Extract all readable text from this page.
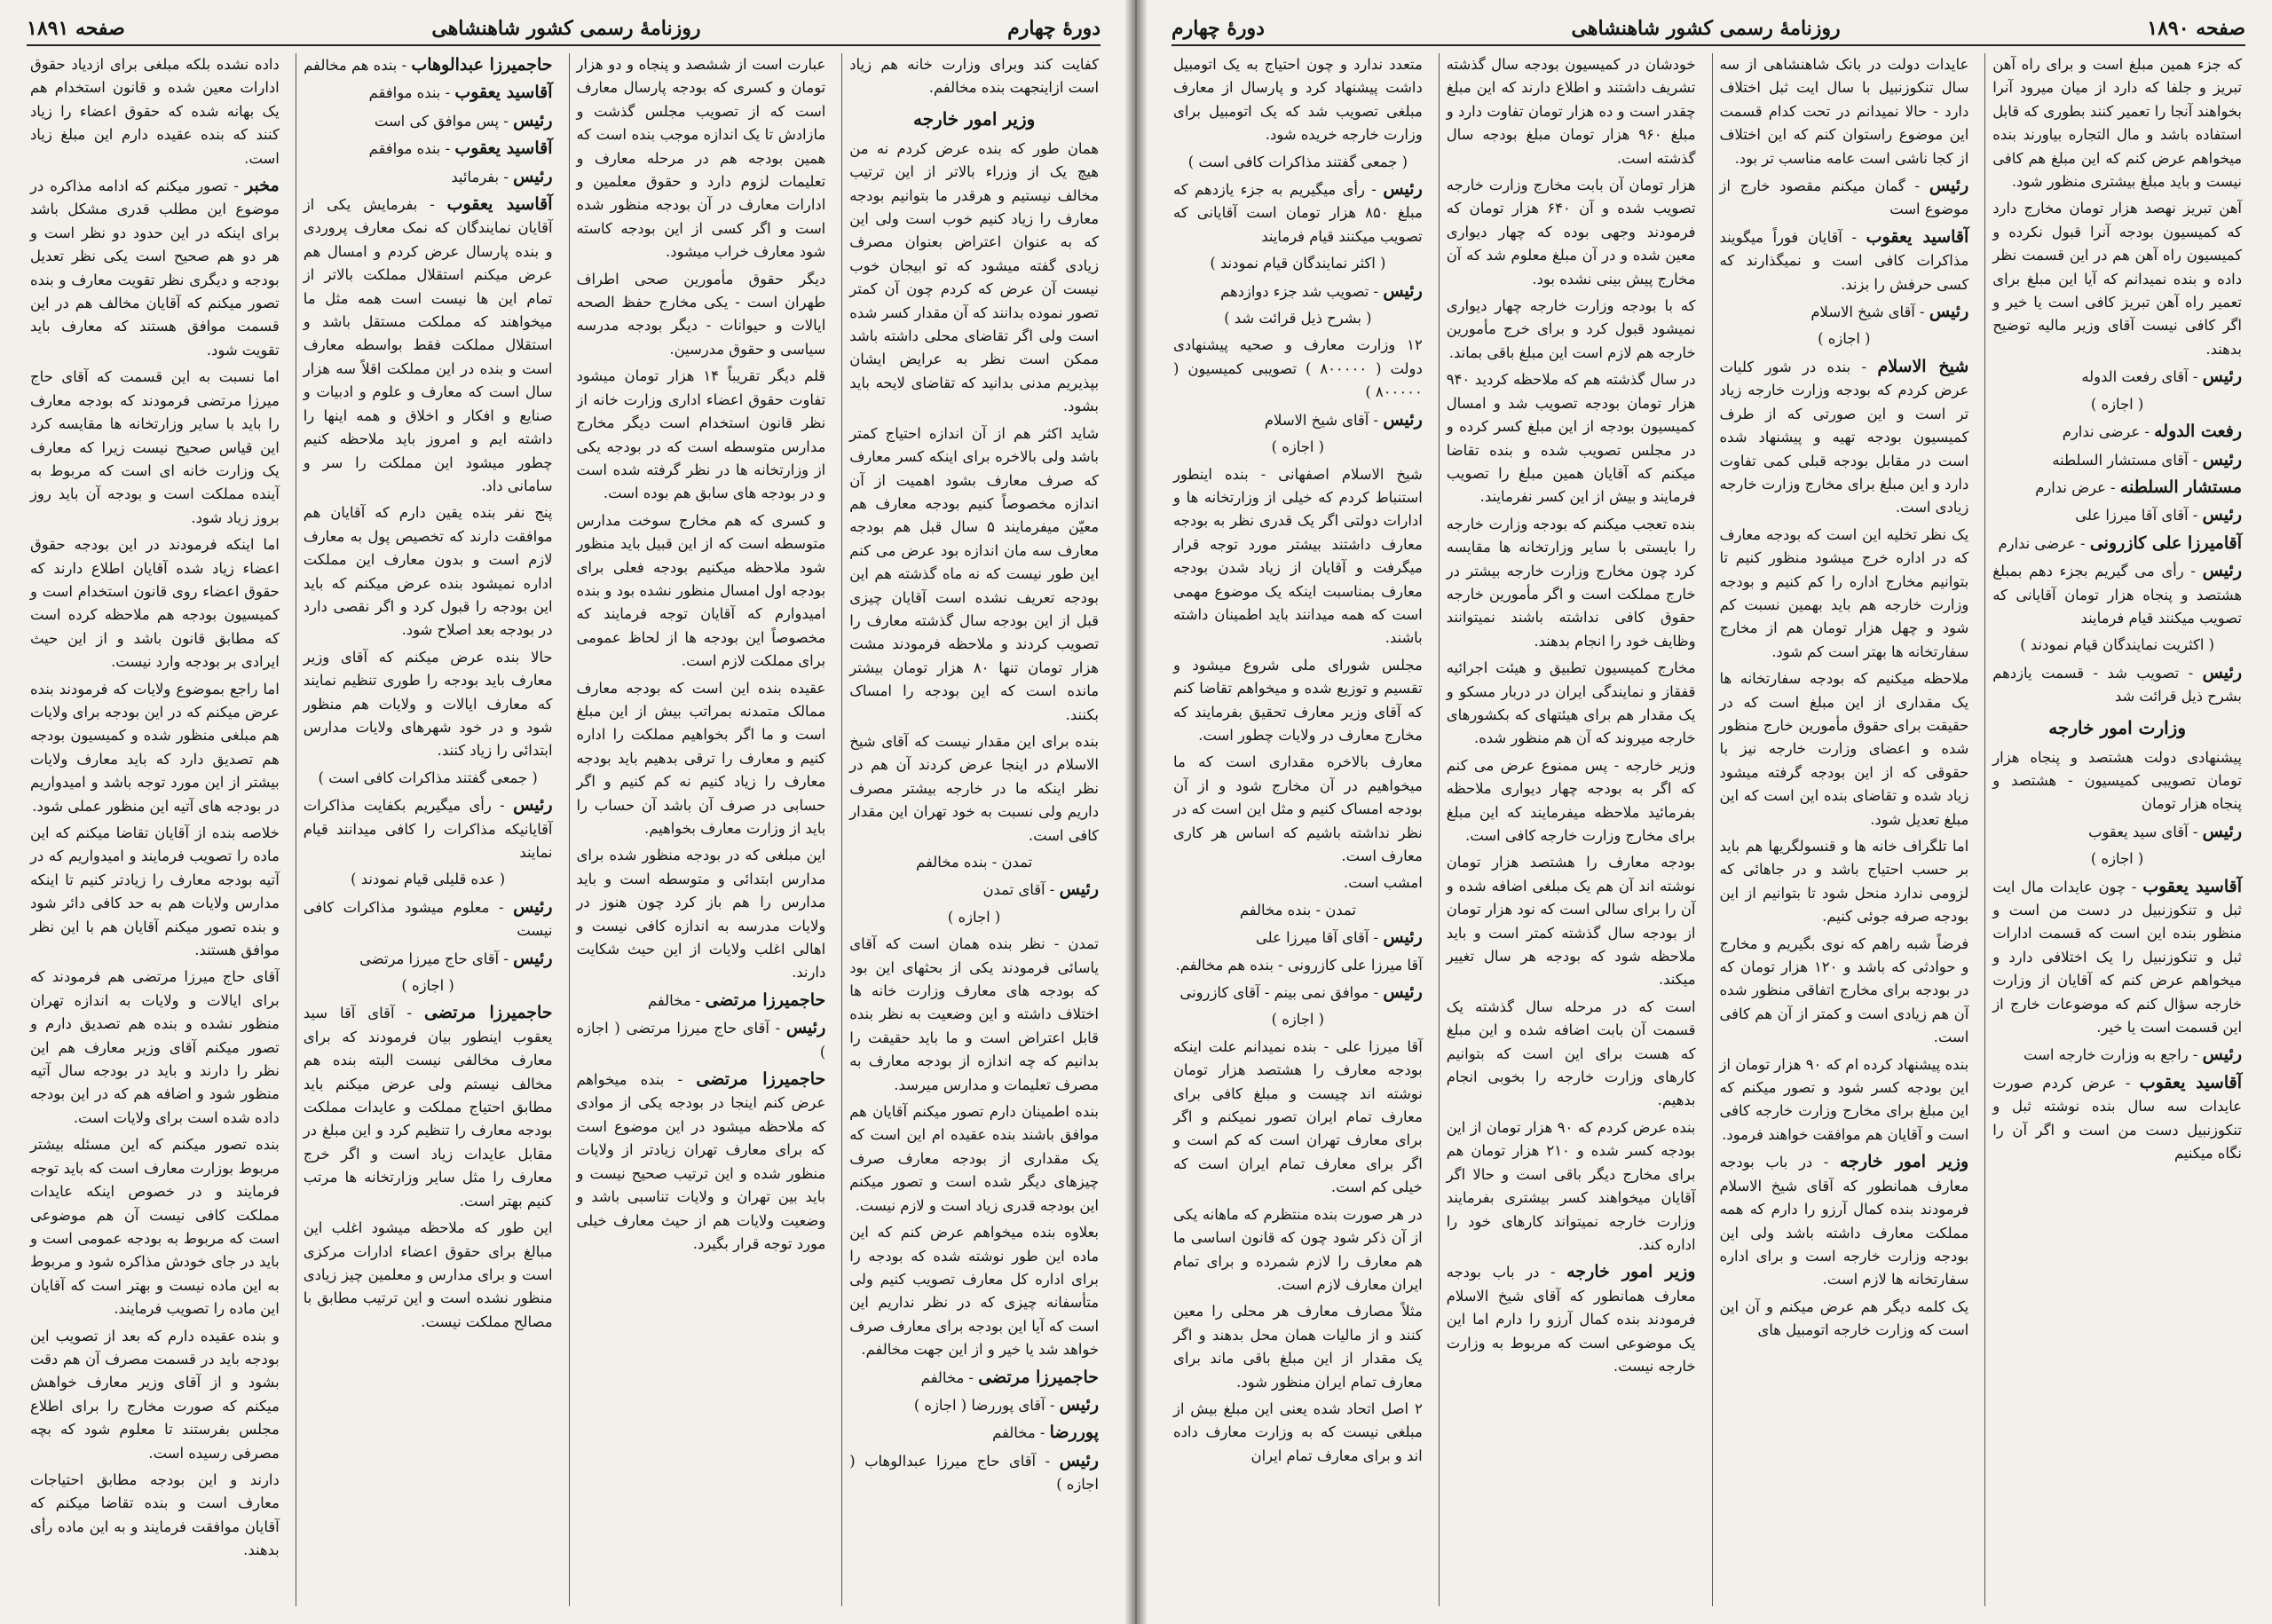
دورۀ چهارم
روزنامۀ رسمی کشور شاهنشاهی
صفحه ۱۸۹۱

کفایت کند وبرای وزارت خانه هم زیاد است ازاینجهت بنده مخالفم.

وزیر امور خارجه

همان طور که بنده عرض کردم نه من هیچ یک از وزراء بالاتر از این ترتیب مخالف نیستیم و هرقدر ما بتوانیم بودجه معارف را زیاد کنیم خوب است ولی این که به عنوان اعتراض بعنوان مصرف زیادی گفته میشود که تو ابیجان خوب نیست آن عرض که کردم چون آن کمتر تصور نموده بدانند که آن مقدار کسر شده است ولی اگر تقاضای محلی داشته باشد ممکن است نظر به عرایض ایشان بپذیریم مدنی بدانید که تقاضای لایحه باید بشود.

شاید اکثر هم از آن اندازه احتیاج کمتر باشد ولی بالاخره برای اینکه کسر معارف که صرف معارف بشود اهمیت از آن اندازه مخصوصاً کنیم بودجه معارف هم معیّن میفرمایند ۵ سال قبل هم بودجه معارف سه مان اندازه بود عرض می کنم این طور نیست که نه ماه گذشته هم این بودجه تعریف نشده است آقایان چیزی قبل از این بودجه سال گذشته معارف را تصویب کردند و ملاحظه فرمودند مشت هزار تومان تنها ۸۰ هزار تومان بیشتر مانده است که این بودجه را امساک بکنند.

بنده برای این مقدار نیست که آقای شیخ الاسلام در اینجا عرض کردند آن هم در نظر اینکه ما در خارجه بیشتر مصرف داریم ولی نسبت به خود تهران این مقدار کافی است.

تمدن - بنده مخالفم

رئیس - آقای تمدن

( اجازه )

تمدن - نظر بنده همان است که آقای یاسائی فرمودند یکی از بحثهای این بود که بودجه های معارف وزارت خانه ها اختلاف داشته و این وضعیت به نظر بنده قابل اعتراض است و ما باید حقیقت را بدانیم که چه اندازه از بودجه معارف به مصرف تعلیمات و مدارس میرسد.

بنده اطمینان دارم تصور میکنم آقایان هم موافق باشند بنده عقیده ام این است که یک مقداری از بودجه معارف صرف چیزهای دیگر شده است و تصور میکنم این بودجه قدری زیاد است و لازم نیست.

بعلاوه بنده میخواهم عرض کنم که این ماده این طور نوشته شده که بودجه را برای اداره کل معارف تصویب کنیم ولی متأسفانه چیزی که در نظر نداریم این است که آیا این بودجه برای معارف صرف خواهد شد یا خیر و از این جهت مخالفم.

حاجمیرزا مرتضی - مخالفم

رئیس - آقای پوررضا ( اجازه )

پوررضا - مخالفم

رئیس - آقای حاج میرزا عبدالوهاب ( اجازه )

عبارت است از ششصد و پنجاه و دو هزار تومان و کسری که بودجه پارسال معارف است که از تصویب مجلس گذشت و مازادش تا یک اندازه موجب بنده است که همین بودجه هم در مرحله معارف و تعلیمات لزوم دارد و حقوق معلمین و ادارات معارف در آن بودجه منظور شده است و اگر کسی از این بودجه کاسته شود معارف خراب میشود.

دیگر حقوق مأمورین صحی اطراف طهران است - یکی مخارج حفظ الصحه ایالات و حیوانات - دیگر بودجه مدرسه سیاسی و حقوق مدرسین.

قلم دیگر تقریباً ۱۴ هزار تومان میشود تفاوت حقوق اعضاء اداری وزارت خانه از نظر قانون استخدام است دیگر مخارج مدارس متوسطه است که در بودجه یکی از وزارتخانه ها در نظر گرفته شده است و در بودجه های سابق هم بوده است.

و کسری که هم مخارج سوخت مدارس متوسطه است که از این قبیل باید منظور شود ملاحظه میکنیم بودجه فعلی برای بودجه اول امسال منظور نشده بود و بنده امیدوارم که آقایان توجه فرمایند که مخصوصاً این بودجه ها از لحاظ عمومی برای مملکت لازم است.

عقیده بنده این است که بودجه معارف ممالک متمدنه بمراتب بیش از این مبلغ است و ما اگر بخواهیم مملکت را اداره کنیم و معارف را ترقی بدهیم باید بودجه معارف را زیاد کنیم نه کم کنیم و اگر حسابی در صرف آن باشد آن حساب را باید از وزارت معارف بخواهیم.

این مبلغی که در بودجه منظور شده برای مدارس ابتدائی و متوسطه است و باید مدارس را هم باز کرد چون هنوز در ولایات مدرسه به اندازه کافی نیست و اهالی اغلب ولایات از این حیث شکایت دارند.

حاجمیرزا مرتضی - مخالفم

رئیس - آقای حاج میرزا مرتضی ( اجازه )

حاجمیرزا مرتضی - بنده میخواهم عرض کنم اینجا در بودجه یکی از موادی که ملاحظه میشود در این موضوع است که برای معارف تهران زیادتر از ولایات منظور شده و این ترتیب صحیح نیست و باید بین تهران و ولایات تناسبی باشد و وضعیت ولایات هم از حیث معارف خیلی مورد توجه قرار بگیرد.

حاجمیرزا عبدالوهاب - بنده هم مخالفم

آقاسید یعقوب - بنده موافقم

رئیس - پس موافق کی است

آقاسید یعقوب - بنده موافقم

رئیس - بفرمائید

آقاسید یعقوب - بفرمایش یکی از آقایان نمایندگان که نمک معارف پروردی و بنده پارسال عرض کردم و امسال هم عرض میکنم استقلال مملکت بالاتر از تمام این ها نیست است همه مثل ما میخواهند که مملکت مستقل باشد و استقلال مملکت فقط بواسطه معارف است و بنده در این مملکت اقلاً سه هزار سال است که معارف و علوم و ادبیات و صنایع و افکار و اخلاق و همه اینها را داشته ایم و امروز باید ملاحظه کنیم چطور میشود این مملکت را سر و سامانی داد.

پنج نفر بنده یقین دارم که آقایان هم موافقت دارند که تخصیص پول به معارف لازم است و بدون معارف این مملکت اداره نمیشود بنده عرض میکنم که باید این بودجه را قبول کرد و اگر نقصی دارد در بودجه بعد اصلاح شود.

حالا بنده عرض میکنم که آقای وزیر معارف باید بودجه را طوری تنظیم نمایند که معارف ایالات و ولایات هم منظور شود و در خود شهرهای ولایات مدارس ابتدائی را زیاد کنند.

( جمعی گفتند مذاکرات کافی است )

رئیس - رأی میگیریم بکفایت مذاکرات آقایانیکه مذاکرات را کافی میدانند قیام نمایند

( عده قلیلی قیام نمودند )

رئیس - معلوم میشود مذاکرات کافی نیست

رئیس - آقای حاج میرزا مرتضی

( اجازه )

حاجمیرزا مرتضی - آقای آقا سید یعقوب اینطور بیان فرمودند که برای معارف مخالفی نیست البته بنده هم مخالف نیستم ولی عرض میکنم باید مطابق احتیاج مملکت و عایدات مملکت بودجه معارف را تنظیم کرد و این مبلغ در مقابل عایدات زیاد است و اگر خرج معارف را مثل سایر وزارتخانه ها مرتب کنیم بهتر است.

این طور که ملاحظه میشود اغلب این مبالغ برای حقوق اعضاء ادارات مرکزی است و برای مدارس و معلمین چیز زیادی منظور نشده است و این ترتیب مطابق با مصالح مملکت نیست.

داده نشده بلکه مبلغی برای ازدیاد حقوق ادارات معین شده و قانون استخدام هم یک بهانه شده که حقوق اعضاء را زیاد کنند که بنده عقیده دارم این مبلغ زیاد است.

مخبر - تصور میکنم که ادامه مذاکره در موضوع این مطلب قدری مشکل باشد برای اینکه در این حدود دو نظر است و هر دو هم صحیح است یکی نظر تعدیل بودجه و دیگری نظر تقویت معارف و بنده تصور میکنم که آقایان مخالف هم در این قسمت موافق هستند که معارف باید تقویت شود.

اما نسبت به این قسمت که آقای حاج میرزا مرتضی فرمودند که بودجه معارف را باید با سایر وزارتخانه ها مقایسه کرد این قیاس صحیح نیست زیرا که معارف یک وزارت خانه ای است که مربوط به آینده مملکت است و بودجه آن باید روز بروز زیاد شود.

اما اینکه فرمودند در این بودجه حقوق اعضاء زیاد شده آقایان اطلاع دارند که حقوق اعضاء روی قانون استخدام است و کمیسیون بودجه هم ملاحظه کرده است که مطابق قانون باشد و از این حیث ایرادی بر بودجه وارد نیست.

اما راجع بموضوع ولایات که فرمودند بنده عرض میکنم که در این بودجه برای ولایات هم مبلغی منظور شده و کمیسیون بودجه هم تصدیق دارد که باید معارف ولایات بیشتر از این مورد توجه باشد و امیدواریم در بودجه های آتیه این منظور عملی شود.

خلاصه بنده از آقایان تقاضا میکنم که این ماده را تصویب فرمایند و امیدواریم که در آتیه بودجه معارف را زیادتر کنیم تا اینکه مدارس ولایات هم به حد کافی دائر شود و بنده تصور میکنم آقایان هم با این نظر موافق هستند.

آقای حاج میرزا مرتضی هم فرمودند که برای ایالات و ولایات به اندازه تهران منظور نشده و بنده هم تصدیق دارم و تصور میکنم آقای وزیر معارف هم این نظر را دارند و باید در بودجه سال آتیه منظور شود و اضافه هم که در این بودجه داده شده است برای ولایات است.

بنده تصور میکنم که این مسئله بیشتر مربوط بوزارت معارف است که باید توجه فرمایند و در خصوص اینکه عایدات مملکت کافی نیست آن هم موضوعی است که مربوط به بودجه عمومی است و باید در جای خودش مذاکره شود و مربوط به این ماده نیست و بهتر است که آقایان این ماده را تصویب فرمایند.

و بنده عقیده دارم که بعد از تصویب این بودجه باید در قسمت مصرف آن هم دقت بشود و از آقای وزیر معارف خواهش میکنم که صورت مخارج را برای اطلاع مجلس بفرستند تا معلوم شود که بچه مصرفی رسیده است.

دارند و این بودجه مطابق احتیاجات معارف است و بنده تقاضا میکنم که آقایان موافقت فرمایند و به این ماده رأی بدهند.

صفحه ۱۸۹۰
روزنامۀ رسمی کشور شاهنشاهی
دورۀ چهارم

که جزء همین مبلغ است و برای راه آهن تبریز و جلفا که دارد از میان میرود آنرا بخواهند آنجا را تعمیر کنند بطوری که قابل استفاده باشد و مال التجاره بیاورند بنده میخواهم عرض کنم که این مبلغ هم کافی نیست و باید مبلغ بیشتری منظور شود.

آهن تبریز نهصد هزار تومان مخارج دارد که کمیسیون بودجه آنرا قبول نکرده و کمیسیون راه آهن هم در این قسمت نظر داده و بنده نمیدانم که آیا این مبلغ برای تعمیر راه آهن تبریز کافی است یا خیر و اگر کافی نیست آقای وزیر مالیه توضیح بدهند.

رئیس - آقای رفعت الدوله

( اجازه )

رفعت الدوله - عرضی ندارم

رئیس - آقای مستشار السلطنه

مستشار السلطنه - عرض ندارم

رئیس - آقای آقا میرزا علی

آقامیرزا علی کازرونی - عرضی ندارم

رئیس - رأی می گیریم بجزء دهم بمبلغ هشتصد و پنجاه هزار تومان آقایانی که تصویب میکنند قیام فرمایند

( اکثریت نمایندگان قیام نمودند )

رئیس - تصویب شد - قسمت یازدهم بشرح ذیل قرائت شد

وزارت امور خارجه

پیشنهادی دولت هشتصد و پنجاه هزار تومان تصویبی کمیسیون - هشتصد و پنجاه هزار تومان

رئیس - آقای سید یعقوب

( اجازه )

آقاسید یعقوب - چون عایدات مال ایت ثبل و تنکوزنبیل در دست من است و منظور بنده این است که قسمت ادارات ثبل و تنکوزنبیل را یک اختلافی دارد و میخواهم عرض کنم که آقایان از وزارت خارجه سؤال کنم که موضوعات خارج از این قسمت است یا خیر.

رئیس - راجع به وزارت خارجه است

آقاسید یعقوب - عرض کردم صورت عایدات سه سال بنده نوشته ثبل و تنکوزنبیل دست من است و اگر آن را نگاه میکنیم

عایدات دولت در بانک شاهنشاهی از سه سال تنکوزنبیل با سال ایت ثبل اختلاف دارد - حالا نمیدانم در تحت کدام قسمت این موضوع راستوان کنم که این اختلاف از کجا ناشی است عامه مناسب تر بود.

رئیس - گمان میکنم مقصود خارج از موضوع است

آقاسید یعقوب - آقایان فوراً میگویند مذاکرات کافی است و نمیگذارند که کسی حرفش را بزند.

رئیس - آقای شیخ الاسلام

( اجازه )

شیخ الاسلام - بنده در شور کلیات عرض کردم که بودجه وزارت خارجه زیاد تر است و این صورتی که از طرف کمیسیون بودجه تهیه و پیشنهاد شده است در مقابل بودجه قبلی کمی تفاوت دارد و این مبلغ برای مخارج وزارت خارجه زیادی است.

یک نظر تخلیه این است که بودجه معارف که در اداره خرج میشود منظور کنیم تا بتوانیم مخارج اداره را کم کنیم و بودجه وزارت خارجه هم باید بهمین نسبت کم شود و چهل هزار تومان هم از مخارج سفارتخانه ها بهتر است کم شود.

ملاحظه میکنیم که بودجه سفارتخانه ها یک مقداری از این مبلغ است که در حقیقت برای حقوق مأمورین خارج منظور شده و اعضای وزارت خارجه نیز با حقوقی که از این بودجه گرفته میشود زیاد شده و تقاضای بنده این است که این مبلغ تعدیل شود.

اما تلگراف خانه ها و قنسولگریها هم باید بر حسب احتیاج باشد و در جاهائی که لزومی ندارد منحل شود تا بتوانیم از این بودجه صرفه جوئی کنیم.

فرضاً شبه راهم که نوی بگیریم و مخارج و حوادثی که باشد و ۱۲۰ هزار تومان که در بودجه برای مخارج اتفاقی منظور شده آن هم زیادی است و کمتر از آن هم کافی است.

بنده پیشنهاد کرده ام که ۹۰ هزار تومان از این بودجه کسر شود و تصور میکنم که این مبلغ برای مخارج وزارت خارجه کافی است و آقایان هم موافقت خواهند فرمود.

وزیر امور خارجه - در باب بودجه معارف همانطور که آقای شیخ الاسلام فرمودند بنده کمال آرزو را دارم که همه مملکت معارف داشته باشد ولی این بودجه وزارت خارجه است و برای اداره سفارتخانه ها لازم است.

یک کلمه دیگر هم عرض میکنم و آن این است که وزارت خارجه اتومبیل های

خودشان در کمیسیون بودجه سال گذشته تشریف داشتند و اطلاع دارند که این مبلغ چقدر است و ده هزار تومان تفاوت دارد و مبلغ ۹۶۰ هزار تومان مبلغ بودجه سال گذشته است.

هزار تومان آن بابت مخارج وزارت خارجه تصویب شده و آن ۶۴۰ هزار تومان که فرمودند وجهی بوده که چهار دیواری معین شده و در آن مبلغ معلوم شد که آن مخارج پیش بینی نشده بود.

که با بودجه وزارت خارجه چهار دیواری نمیشود قبول کرد و برای خرج مأمورین خارجه هم لازم است این مبلغ باقی بماند.

در سال گذشته هم که ملاحظه کردید ۹۴۰ هزار تومان بودجه تصویب شد و امسال کمیسیون بودجه از این مبلغ کسر کرده و در مجلس تصویب شده و بنده تقاضا میکنم که آقایان همین مبلغ را تصویب فرمایند و بیش از این کسر نفرمایند.

بنده تعجب میکنم که بودجه وزارت خارجه را بایستی با سایر وزارتخانه ها مقایسه کرد چون مخارج وزارت خارجه بیشتر در خارج مملکت است و اگر مأمورین خارجه حقوق کافی نداشته باشند نمیتوانند وظایف خود را انجام بدهند.

مخارج کمیسیون تطبیق و هیئت اجرائیه قفقاز و نمایندگی ایران در دربار مسکو و یک مقدار هم برای هیئتهای که بکشورهای خارجه میروند که آن هم منظور شده.

وزیر خارجه - پس ممنوع عرض می کنم که اگر به بودجه چهار دیواری ملاحظه بفرمائید ملاحظه میفرمایند که این مبلغ برای مخارج وزارت خارجه کافی است.

بودجه معارف را هشتصد هزار تومان نوشته اند آن هم یک مبلغی اضافه شده و آن را برای سالی است که نود هزار تومان از بودجه سال گذشته کمتر است و باید ملاحظه شود که بودجه هر سال تغییر میکند.

است که در مرحله سال گذشته یک قسمت آن بابت اضافه شده و این مبلغ که هست برای این است که بتوانیم کارهای وزارت خارجه را بخوبی انجام بدهیم.

بنده عرض کردم که ۹۰ هزار تومان از این بودجه کسر شده و ۲۱۰ هزار تومان هم برای مخارج دیگر باقی است و حالا اگر آقایان میخواهند کسر بیشتری بفرمایند وزارت خارجه نمیتواند کارهای خود را اداره کند.

وزیر امور خارجه - در باب بودجه معارف همانطور که آقای شیخ الاسلام فرمودند بنده کمال آرزو را دارم اما این یک موضوعی است که مربوط به وزارت خارجه نیست.

متعدد ندارد و چون احتیاج به یک اتومبیل داشت پیشنهاد کرد و پارسال از معارف مبلغی تصویب شد که یک اتومبیل برای وزارت خارجه خریده شود.

( جمعی گفتند مذاکرات کافی است )

رئیس - رأی میگیریم به جزء یازدهم که مبلغ ۸۵۰ هزار تومان است آقایانی که تصویب میکنند قیام فرمایند

( اکثر نمایندگان قیام نمودند )

رئیس - تصویب شد جزء دوازدهم

( بشرح ذیل قرائت شد )

۱۲ وزارت معارف و صحیه پیشنهادی دولت ( ۸۰۰۰۰۰ ) تصویبی کمیسیون ( ۸۰۰۰۰۰ )

رئیس - آقای شیخ الاسلام

( اجازه )

شیخ الاسلام اصفهانی - بنده اینطور استنباط کردم که خیلی از وزارتخانه ها و ادارات دولتی اگر یک قدری نظر به بودجه معارف داشتند بیشتر مورد توجه قرار میگرفت و آقایان از زیاد شدن بودجه معارف بمناسبت اینکه یک موضوع مهمی است که همه میدانند باید اطمینان داشته باشند.

مجلس شورای ملی شروع میشود و تقسیم و توزیع شده و میخواهم تقاضا کنم که آقای وزیر معارف تحقیق بفرمایند که مخارج معارف در ولایات چطور است.

معارف بالاخره مقداری است که ما میخواهیم در آن مخارج شود و از آن بودجه امساک کنیم و مثل این است که در نظر نداشته باشیم که اساس هر کاری معارف است.

امشب است.

تمدن - بنده مخالفم

رئیس - آقای آقا میرزا علی

آقا میرزا علی کازرونی - بنده هم مخالفم.

رئیس - موافق نمی بینم - آقای کازرونی

( اجازه )

آقا میرزا علی - بنده نمیدانم علت اینکه بودجه معارف را هشتصد هزار تومان نوشته اند چیست و مبلغ کافی برای معارف تمام ایران تصور نمیکنم و اگر برای معارف تهران است که کم است و اگر برای معارف تمام ایران است که خیلی کم است.

در هر صورت بنده منتظرم که ماهانه یکی از آن ذکر شود چون که قانون اساسی ما هم معارف را لازم شمرده و برای تمام ایران معارف لازم است.

مثلاً مصارف معارف هر محلی را معین کنند و از مالیات همان محل بدهند و اگر یک مقدار از این مبلغ باقی ماند برای معارف تمام ایران منظور شود.

۲ اصل اتحاد شده یعنی این مبلغ بیش از مبلغی نیست که به وزارت معارف داده اند و برای معارف تمام ایران
